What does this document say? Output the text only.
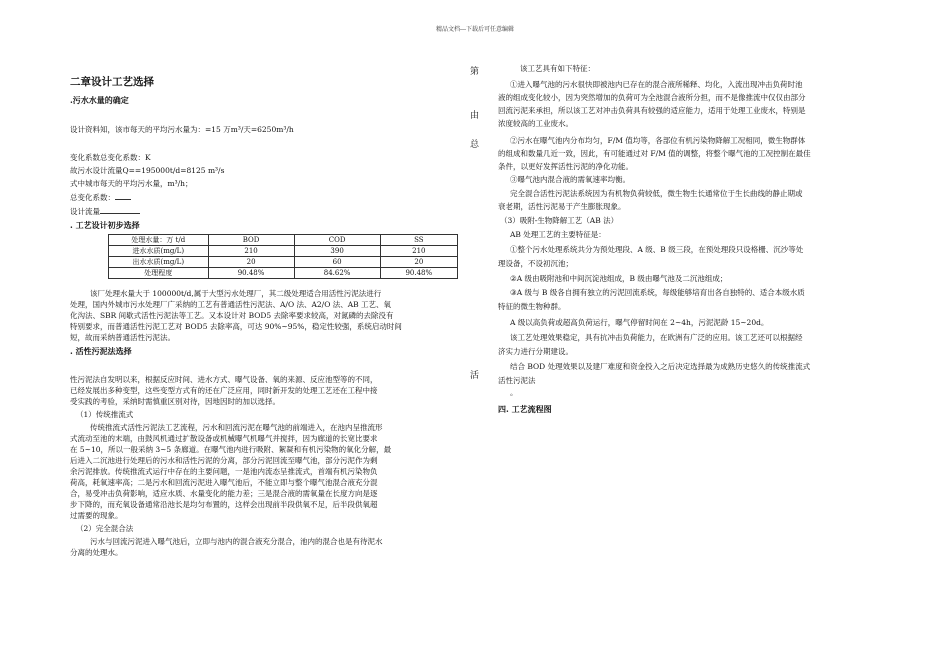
精品文档---下载后可任意编辑
第
由
总
活
二章设计工艺选择
.污水水量的确定
设计资料知，该市每天的平均污水量为：=15 万m³/天=6250m³/h
变化系数总变化系数：K
故污水设计流量Q==195000t/d=8125 m³/s
式中城市每天的平均污水量，m³/h；
总变化系数：
设计流量
. 工艺设计初步选择
处理水量：万 t/d	BOD	COD	SS
进水水质(mg/L)	210	390	210
出水水质(mg/L)	20	60	20
处理程度	90.48%	84.62%	90.48%
该厂处理水量大于 100000t/d,属于大型污水处理厂，其二级处理适合用活性污泥法进行
处理，国内外城市污水处理厂广采纳的工艺有普通活性污泥法、A/O 法、A2/O 法、AB 工艺、氧
化沟法、SBR 间歇式活性污泥法等工艺。又本设计对 BOD5 去除率要求较高，对氮磷的去除没有
特别要求，而普通活性污泥工艺对 BOD5 去除率高，可达 90%~95%，稳定性较强，系统启动时间
短，故而采纳普通活性污泥法。
. 活性污泥法选择
性污泥法自发明以来，根据反应时间、进水方式、曝气设备、氧的来源、反应池型等的不同，
已经发展出多种变型，这些变型方式有的还在广泛应用，同时新开发的处理工艺还在工程中接
受实践的考验，采纳时需慎重区别对待，因地因时的加以选择。
（1）传统推流式
传统推流式活性污泥法工艺流程，污水和回流污泥在曝气池的前端进入，在池内呈推流形
式流动至池的末端，由鼓风机通过扩散设备或机械曝气机曝气并搅拌，因为廊道的长宽比要求
在 5~10，所以一般采纳 3~5 条廊道。在曝气池内进行吸附、絮凝和有机污染物的氧化分解，最
后进入二沉池进行处理后的污水和活性污泥的分离，部分污泥回流至曝气池，部分污泥作为剩
余污泥排放。传统推流式运行中存在的主要问题，一是池内流态呈推流式，首端有机污染物负
荷高，耗氧速率高；二是污水和回流污泥进入曝气池后，不能立即与整个曝气池混合液充分混
合，易受冲击负荷影响，适应水质、水量变化的能力差；三是混合液的需氧量在长度方向是逐
步下降的，而充氧设备通常沿池长是均匀布置的，这样会出现前半段供氧不足，后半段供氧超
过需要的现象。
（2）完全混合法
污水与回流污泥进入曝气池后，立即与池内的混合液充分混合，池内的混合也是有待泥水
分离的处理水。
该工艺具有如下特征：
①进入曝气池的污水很快即被池内已存在的混合液所稀释、均化，入流出现冲击负荷时池
液的组成变化较小，因为突然增加的负荷可为全池混合液所分担，而不是像推流中仅仅由部分
回流污泥来承担，所以该工艺对冲击负荷具有较强的适应能力，适用于处理工业废水，特别是
浓度较高的工业废水。
②污水在曝气池内分布均匀，F/M 值均等，各部位有机污染物降解工况相同，微生物群体
的组成和数量几近一致，因此，有可能通过对 F/M 值的调整，将整个曝气池的工况控制在最佳
条件，以更好发挥活性污泥的净化功能。
③曝气池内混合液的需氧速率均衡。
完全混合活性污泥法系统因为有机物负荷较低，微生物生长通常位于生长曲线的静止期或
衰老期，活性污泥易于产生膨胀现象。
（3）吸附-生物降解工艺（AB 法）
AB 处理工艺的主要特征是：
①整个污水处理系统共分为预处理段、A 级、B 级三段，在预处理段只设格栅、沉沙等处
理设备，不设初沉池；
②A 级由吸附池和中间沉淀池组成，B 级由曝气池及二沉池组成；
③A 级与 B 级各自拥有独立的污泥回流系统，每级能够培育出各自独特的、适合本级水质
特征的微生物种群。
A 级以高负荷或超高负荷运行，曝气停留时间在 2~4h，污泥泥龄 15~20d。
该工艺处理效果稳定，具有抗冲击负荷能力，在欧洲有广泛的应用。该工艺还可以根据经
济实力进行分期建设。
结合 BOD 处理效果以及建厂难度和资金投入之后决定选择最为成熟历史悠久的传统推流式
活性污泥法
。
四. 工艺流程图
